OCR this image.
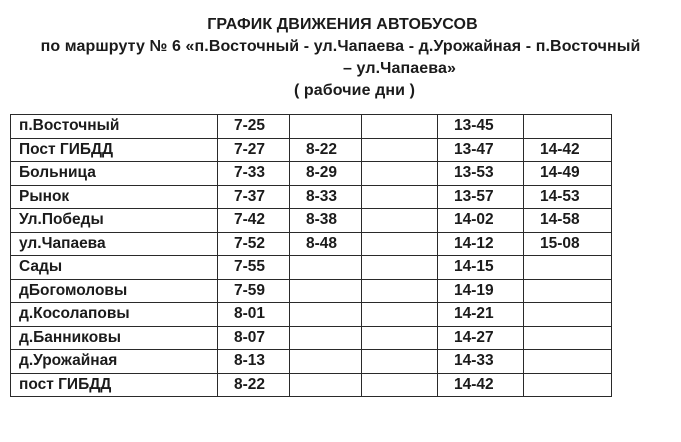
ГРАФИК ДВИЖЕНИЯ АВТОБУСОВ
по маршруту № 6 «п.Восточный - ул.Чапаева - д.Урожайная - п.Восточный
– ул.Чапаева»
( рабочие дни )
п.Восточный	7-25			13-45	
Пост ГИБДД	7-27	8-22		13-47	14-42
Больница	7-33	8-29		13-53	14-49
Рынок	7-37	8-33		13-57	14-53
Ул.Победы	7-42	8-38		14-02	14-58
ул.Чапаева	7-52	8-48		14-12	15-08
Сады	7-55			14-15	
дБогомоловы	7-59			14-19	
д.Косолаповы	8-01			14-21	
д.Банниковы	8-07			14-27	
д.Урожайная	8-13			14-33	
пост ГИБДД	8-22			14-42	
